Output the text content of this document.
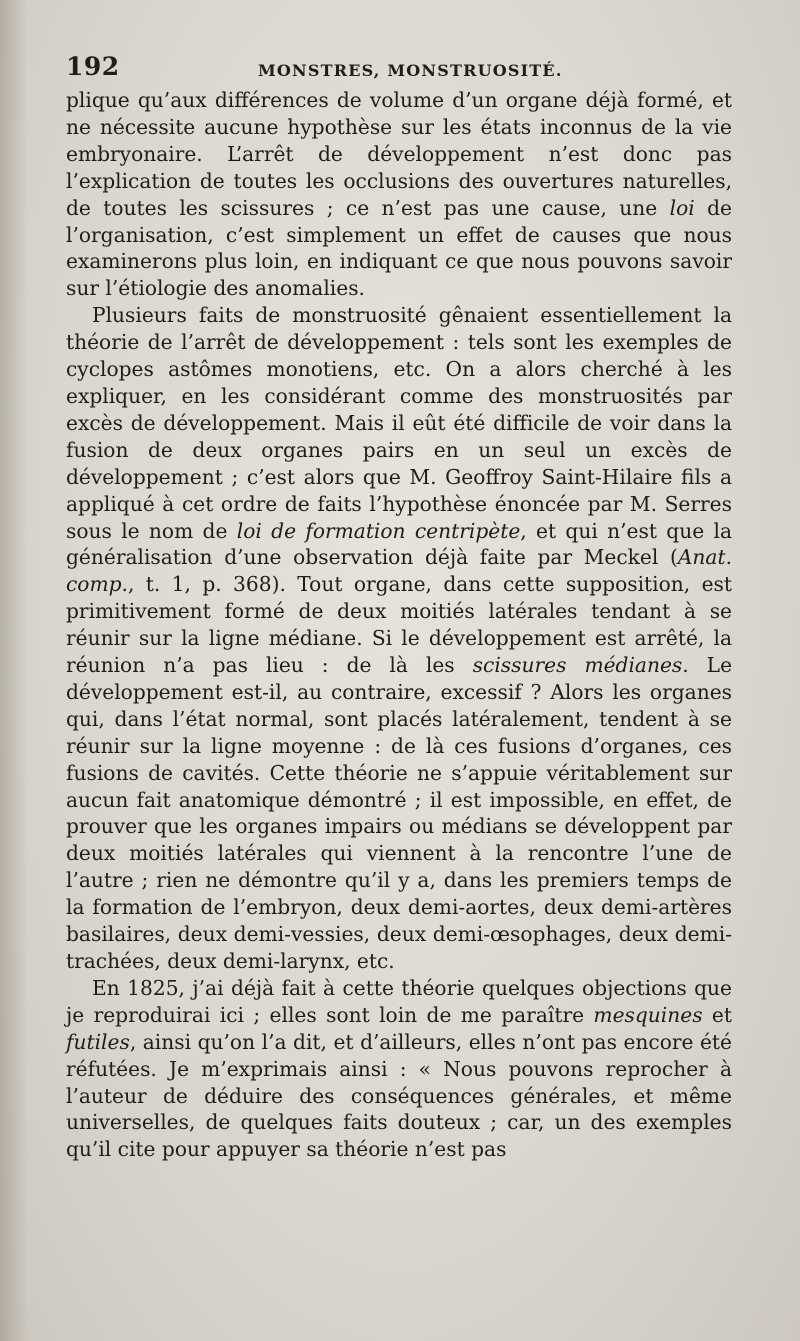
192	MONSTRES, MONSTRUOSITÉ.

plique qu’aux différences de volume d’un organe déjà formé, et ne nécessite aucune hypothèse sur les états inconnus de la vie embryonaire. L’arrêt de développement n’est donc pas l’explication de toutes les occlusions des ouvertures naturelles, de toutes les scissures ; ce n’est pas une cause, une loi de l’organisation, c’est simplement un effet de causes que nous examinerons plus loin, en indiquant ce que nous pouvons savoir sur l’étiologie des anomalies.

Plusieurs faits de monstruosité gênaient essentiellement la théorie de l’arrêt de développement : tels sont les exemples de cyclopes astômes monotiens, etc. On a alors cherché à les expliquer, en les considérant comme des monstruosités par excès de développement. Mais il eût été difficile de voir dans la fusion de deux organes pairs en un seul un excès de développement ; c’est alors que M. Geoffroy Saint-Hilaire fils a appliqué à cet ordre de faits l’hypothèse énoncée par M. Serres sous le nom de loi de formation centripète, et qui n’est que la généralisation d’une observation déjà faite par Meckel (Anat. comp., t. 1, p. 368). Tout organe, dans cette supposition, est primitivement formé de deux moitiés latérales tendant à se réunir sur la ligne médiane. Si le développement est arrêté, la réunion n’a pas lieu : de là les scissures médianes. Le développement est-il, au contraire, excessif ? Alors les organes qui, dans l’état normal, sont placés latéralement, tendent à se réunir sur la ligne moyenne : de là ces fusions d’organes, ces fusions de cavités. Cette théorie ne s’appuie véritablement sur aucun fait anatomique démontré ; il est impossible, en effet, de prouver que les organes impairs ou médians se développent par deux moitiés latérales qui viennent à la rencontre l’une de l’autre ; rien ne démontre qu’il y a, dans les premiers temps de la formation de l’embryon, deux demi-aortes, deux demi-artères basilaires, deux demi-vessies, deux demi-œsophages, deux demi-trachées, deux demi-larynx, etc.

En 1825, j’ai déjà fait à cette théorie quelques objections que je reproduirai ici ; elles sont loin de me paraître mesquines et futiles, ainsi qu’on l’a dit, et d’ailleurs, elles n’ont pas encore été réfutées. Je m’exprimais ainsi : « Nous pouvons reprocher à l’auteur de déduire des conséquences générales, et même universelles, de quelques faits douteux ; car, un des exemples qu’il cite pour appuyer sa théorie n’est pas
